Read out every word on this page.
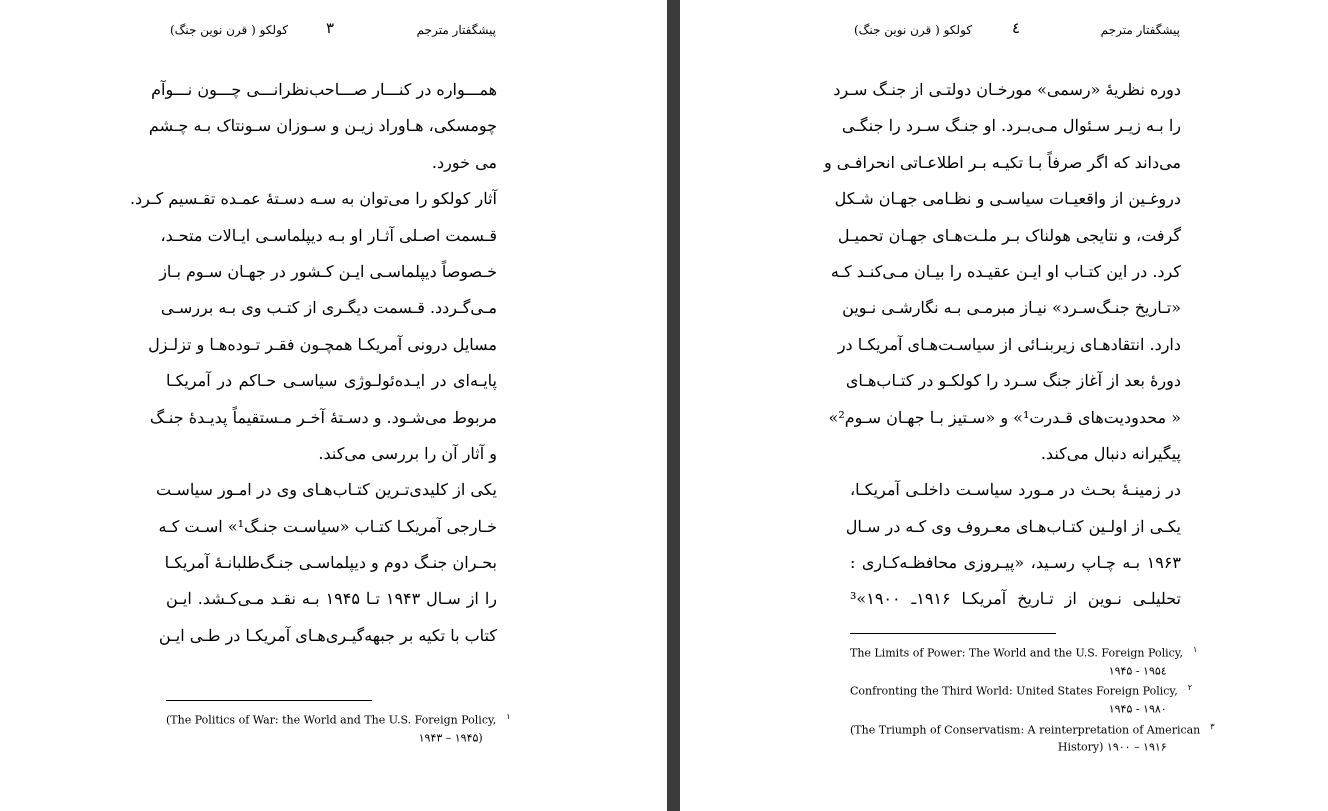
پیشگفتار مترجم
۳
کولکو ( قرن نوین جنگ)
همـــواره در کنـــار صـــاحب‌نظرانـــی چـــون نـــوآم
چومسکی، هـاوراد زیـن و سـوزان سـونتاک بـه چـشم
می خورد.
آثار کولکو را می‌توان به سـه دسـتهٔ عمـده تقـسیم کـرد.
قـسمت اصـلی آثـار او بـه دیپلماسـی ایـالات متحـد،
خـصوصاً دیپلماسـی ایـن کـشور در جهـان سـوم بـاز
مـی‌گـردد. قـسمت دیگـری از کتـب وی بـه بررسـی
مسایل درونی آمریکـا همچـون فقـر تـوده‌هـا و تزلـزل
پایـه‌ای در ایـده‌ئولـوژی سیاسـی حـاکم در آمریکـا
مربوط می‌شـود. و دسـتهٔ آخـر مـستقیماً پدیـدهٔ جنـگ
و آثار آن را بررسی می‌کند.
یکی از کلیدی‌تـرین کتـاب‌هـای وی در امـور سیاسـت
خـارجی آمریکـا کتـاب «سیاسـت جنـگ¹» اسـت کـه
بحـران جنـگ دوم و دیپلماسـی جنـگ‌طلبانـهٔ آمریکـا
را از سـال ۱۹۴۳ تـا ۱۹۴۵ بـه نقـد مـی‌کـشد. ایـن
کتاب با تکیه بر جبهه‌گیـری‌هـای آمریکـا در طـی ایـن
(The Politics of War: the World and The U.S. Foreign Policy, $^۱$
۱۹۴۳ – ۱۹۴۵)
پیشگفتار مترجم
٤
کولکو ( قرن نوین جنگ)
دوره نظریهٔ «رسمی» مورخـان دولتـی از جنـگ سـرد
را بـه زیـر سـئوال مـی‌بـرد. او جنـگ سـرد را جنگـی
می‌داند که اگر صرفاً بـا تکیـه بـر اطلاعـاتی انحرافـی و
دروغـین از واقعیـات سیاسـی و نظـامی جهـان شـکل
گرفت، و نتایجی هولناک بـر ملـت‌هـای جهـان تحمیـل
کرد. در این کتـاب او ایـن عقیـده را بیـان مـی‌کنـد کـه
«تـاریخ جنـگ‌سـرد» نیـاز مبرمـی بـه نگارشـی نـوین
دارد. انتقادهـای زیربنـائی از سیاسـت‌هـای آمریکـا در
دورهٔ بعد از آغاز جنگ سـرد را کولکـو در کتـاب‌هـای
« محدودیت‌های قـدرت¹» و «سـتیز بـا جهـان سـوم²»
پیگیرانه دنبال می‌کند.
در زمینـهٔ بحـث در مـورد سیاسـت داخلـی آمریکـا،
یکـی از اولـین کتـاب‌هـای معـروف وی کـه در سـال
۱۹۶۳ بـه چـاپ رسـید، «پیـروزی محافظـه‌کـاری :
تحلیلـی نـوین از تـاریخ آمریکـا ۱۹۱۶ـ ۱۹۰۰»³
The Limits of Power: The World and the U.S. Foreign Policy, $^۱$
۱۹۴۵ - ۱۹۵٤
Confronting the Third World: United States Foreign Policy, $^۲$
۱۹۴۵ - ۱۹۸۰
(The Triumph of Conservatism: A reinterpretation of American $^۳$
History) ۱۹۰۰ – ۱۹۱۶
